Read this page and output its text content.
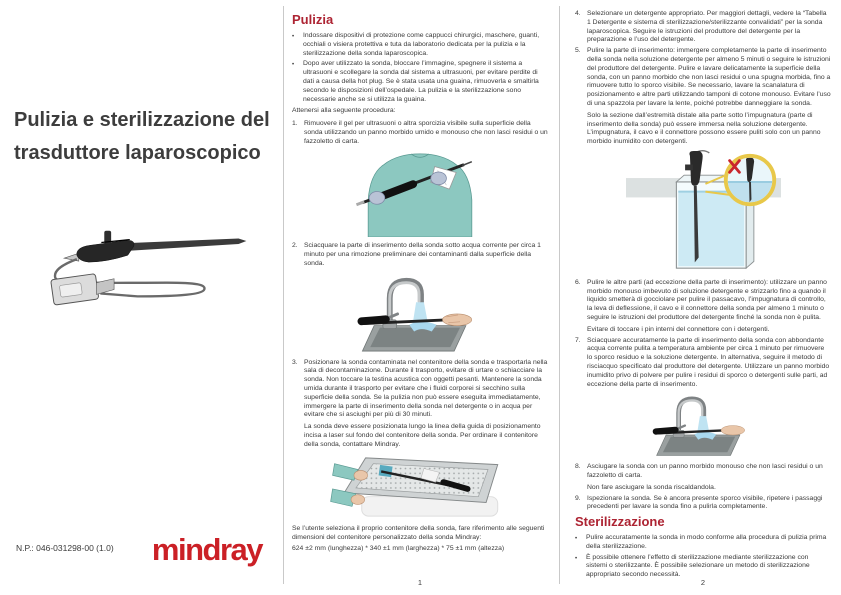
Pulizia e sterilizzazione del
trasduttore laparoscopico
N.P.: 046-031298-00 (1.0) mindray
Pulizia
•	Indossare dispositivi di protezione come cappucci chirurgici, maschere, guanti, occhiali o visiera protettiva e tuta da laboratorio dedicata per la pulizia e la sterilizzazione della sonda laparoscopica.

•	Dopo aver utilizzato la sonda, bloccare l’immagine, spegnere il sistema a ultrasuoni e scollegare la sonda dal sistema a ultrasuoni, per evitare perdite di dati a causa della hot plug. Se è stata usata una guaina, rimuoverla e smaltirla secondo le disposizioni dell’ospedale. La pulizia e la sterilizzazione sono necessarie anche se si utilizza la guaina.

Attenersi alla seguente procedura:

1. Rimuovere il gel per ultrasuoni o altra sporcizia visibile sulla superficie della sonda utilizzando un panno morbido umido e monouso che non lasci residui o un fazzoletto di carta.

2. Sciacquare la parte di inserimento della sonda sotto acqua corrente per circa 1 minuto per una rimozione preliminare dei contaminanti dalla superficie della sonda.

3. Posizionare la sonda contaminata nel contenitore della sonda e trasportarla nella sala di decontaminazione. Durante il trasporto, evitare di urtare o schiacciare la sonda. Non toccare la testina acustica con oggetti pesanti. Mantenere la sonda umida durante il trasporto per evitare che i fluidi corporei si secchino sulla superficie della sonda. Se la pulizia non può essere eseguita immediatamente, immergere la parte di inserimento della sonda nel detergente o in acqua per evitare che si asciughi per più di 30 minuti.

La sonda deve essere posizionata lungo la linea della guida di posizionamento incisa a laser sul fondo del contenitore della sonda. Per ordinare il contenitore della sonda, contattare Mindray.

Se l’utente seleziona il proprio contenitore della sonda, fare riferimento alle seguenti dimensioni del contenitore personalizzato della sonda Mindray:

624 ±2 mm (lunghezza) * 340 ±1 mm (larghezza) * 75 ±1 mm (altezza)

1
4. Selezionare un detergente appropriato. Per maggiori dettagli, vedere la “Tabella 1 Detergente e sistema di sterilizzazione/sterilizzante convalidati” per la sonda laparoscopica. Seguire le istruzioni del produttore del detergente per la preparazione e l’uso del detergente.

5. Pulire la parte di inserimento: immergere completamente la parte di inserimento della sonda nella soluzione detergente per almeno 5 minuti o seguire le istruzioni del produttore del detergente. Pulire e lavare delicatamente la superficie della sonda, con un panno morbido che non lasci residui o una spugna morbida, fino a rimuovere tutto lo sporco visibile. Se necessario, lavare la scanalatura di posizionamento e altre parti utilizzando tamponi di cotone monouso. Evitare l’uso di una spazzola per lavare la lente, poiché potrebbe danneggiare la sonda.

Solo la sezione dall’estremità distale alla parte sotto l’impugnatura (parte di inserimento della sonda) può essere immersa nella soluzione detergente. L’impugnatura, il cavo e il connettore possono essere puliti solo con un panno morbido inumidito con detergenti.

6. Pulire le altre parti (ad eccezione della parte di inserimento): utilizzare un panno morbido monouso imbevuto di soluzione detergente e strizzarlo fino a quando il liquido smetterà di gocciolare per pulire il passacavo, l’impugnatura di controllo, la leva di deflessione, il cavo e il connettore della sonda per almeno 1 minuto o seguire le istruzioni del produttore del detergente finché la sonda non è pulita.

Evitare di toccare i pin interni del connettore con i detergenti.

7. Sciacquare accuratamente la parte di inserimento della sonda con abbondante acqua corrente pulita a temperatura ambiente per circa 1 minuto per rimuovere lo sporco residuo e la soluzione detergente. In alternativa, seguire il metodo di risciacquo specificato dal produttore del detergente. Utilizzare un panno morbido inumidito privo di polvere per pulire i residui di sporco o detergenti sulle parti, ad eccezione della parte di inserimento.

8. Asciugare la sonda con un panno morbido monouso che non lasci residui o un fazzoletto di carta.

Non fare asciugare la sonda riscaldandola.

9. Ispezionare la sonda. Se è ancora presente sporco visibile, ripetere i passaggi precedenti per lavare la sonda fino a pulirla completamente.

Sterilizzazione
•	Pulire accuratamente la sonda in modo conforme alla procedura di pulizia prima della sterilizzazione.

•	È possibile ottenere l’effetto di sterilizzazione mediante sterilizzazione con sistemi o sterilizzante. È possibile selezionare un metodo di sterilizzazione appropriato secondo necessità.

2
